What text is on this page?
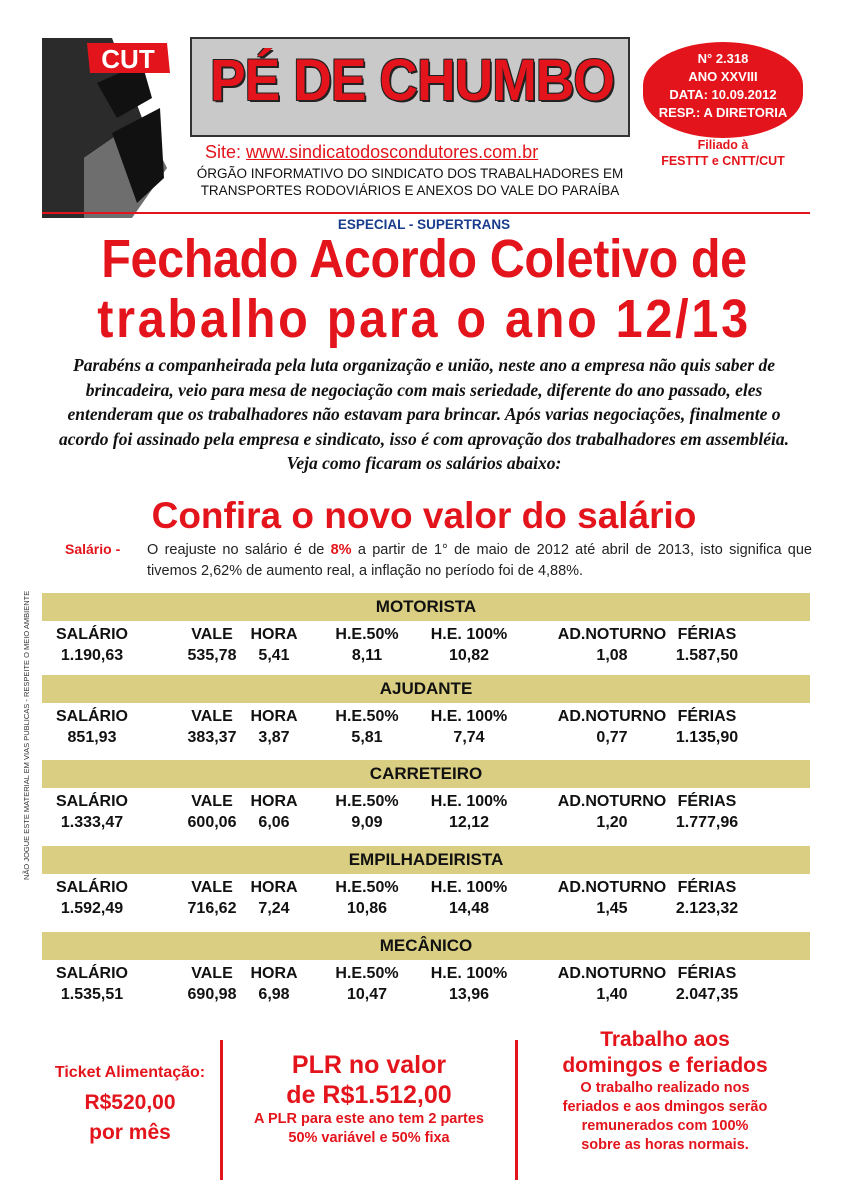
CUT PÉ DE CHUMBO
Site: www.sindicatodoscondutores.com.br
ÓRGÃO INFORMATIVO DO SINDICATO DOS TRABALHADORES EM
TRANSPORTES RODOVIÁRIOS E ANEXOS DO VALE DO PARAÍBA
N° 2.318
ANO XXVIII
DATA: 10.09.2012
RESP.: A DIRETORIA
Filiado à
FESTTT e CNTT/CUT
ESPECIAL - SUPERTRANS
Fechado Acordo Coletivo de
trabalho para o ano 12/13
Parabéns a companheirada pela luta organização e união, neste ano a empresa não quis saber de brincadeira, veio para mesa de negociação com mais seriedade, diferente do ano passado, eles entenderam que os trabalhadores não estavam para brincar. Após varias negociações, finalmente o acordo foi assinado pela empresa e sindicato, isso é com aprovação dos trabalhadores em assembléia. Veja como ficaram os salários abaixo:
Confira o novo valor do salário
NÃO JOGUE ESTE MATERIAL EM VIAS PUBLICAS - RESPEITE O MEIO AMBIENTE
Salário - O reajuste no salário é de 8% a partir de 1° de maio de 2012 até abril de 2013, isto significa que tivemos 2,62% de aumento real, a inflação no período foi de 4,88%.
MOTORISTA
SALÁRIO
1.190,63
VALE
535,78
HORA
5,41
H.E.50%
8,11
H.E. 100%
10,82
AD.NOTURNO
1,08
FÉRIAS
1.587,50
AJUDANTE
SALÁRIO
851,93
VALE
383,37
HORA
3,87
H.E.50%
5,81
H.E. 100%
7,74
AD.NOTURNO
0,77
FÉRIAS
1.135,90
CARRETEIRO
SALÁRIO
1.333,47
VALE
600,06
HORA
6,06
H.E.50%
9,09
H.E. 100%
12,12
AD.NOTURNO
1,20
FÉRIAS
1.777,96
EMPILHADEIRISTA
SALÁRIO
1.592,49
VALE
716,62
HORA
7,24
H.E.50%
10,86
H.E. 100%
14,48
AD.NOTURNO
1,45
FÉRIAS
2.123,32
MECÂNICO
SALÁRIO
1.535,51
VALE
690,98
HORA
6,98
H.E.50%
10,47
H.E. 100%
13,96
AD.NOTURNO
1,40
FÉRIAS
2.047,35
Ticket Alimentação:
R$520,00
por mês
PLR no valor
de R$1.512,00
A PLR para este ano tem 2 partes
50% variável e 50% fixa
Trabalho aos
domingos e feriados
O trabalho realizado nos
feriados e aos dmingos serão
remunerados com 100%
sobre as horas normais.
